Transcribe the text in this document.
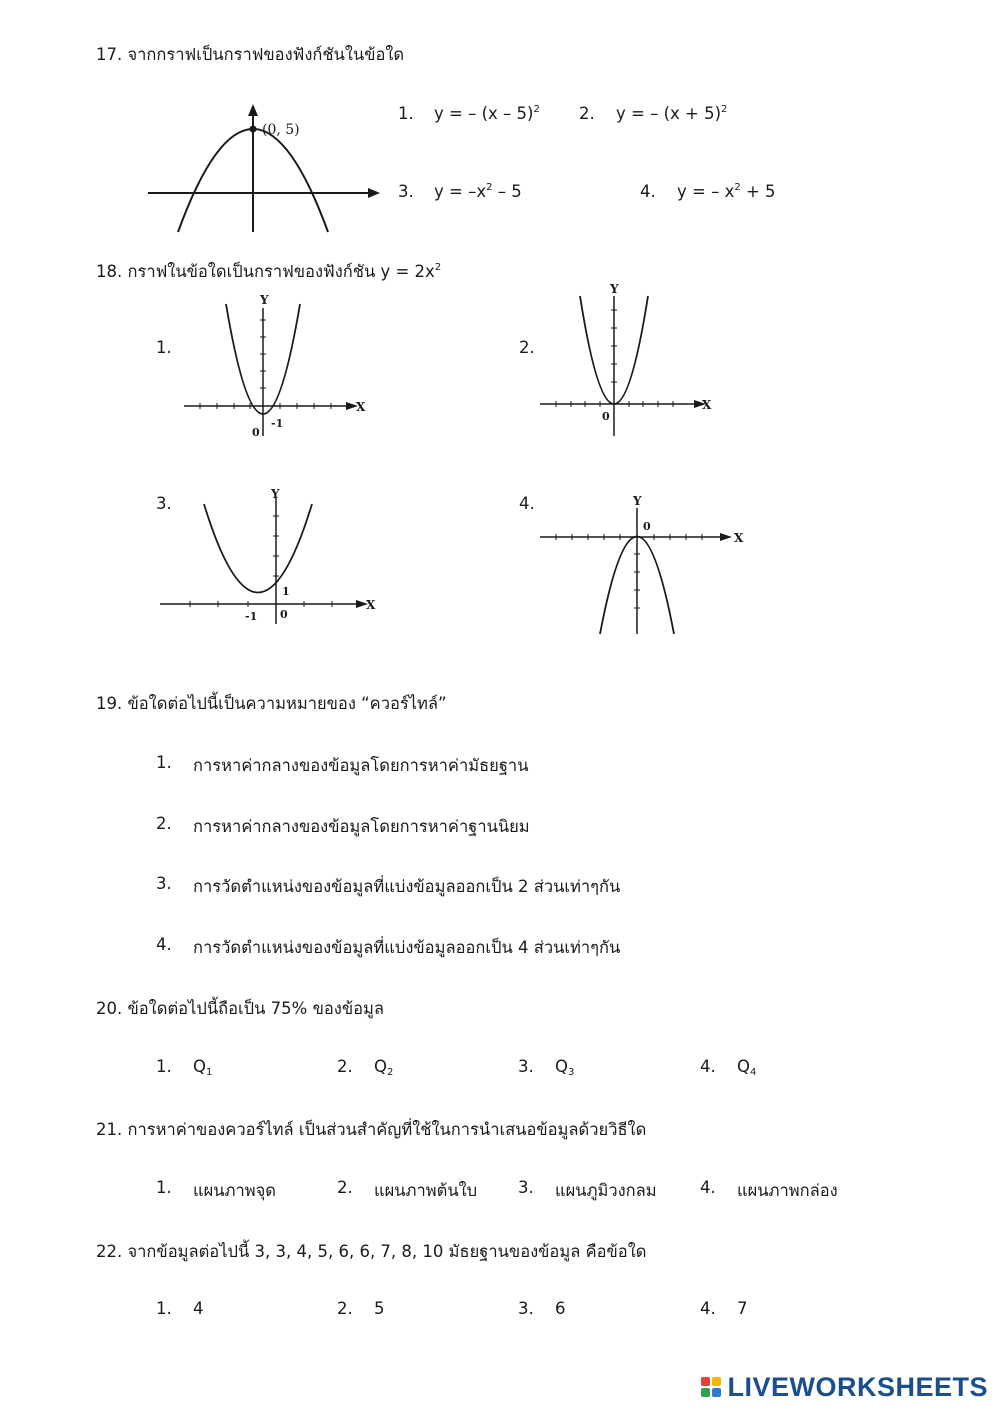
17. จากกราฟเป็นกราฟของฟังก์ชันในข้อใด
(0, 5)
1. y = – (x – 5)$^2$ 2. y = – $(x + 5)^2$
3. $y = -x^2 - 5$	4. y = – $x^2 + 5$
18. กราฟในข้อใดเป็นกราฟของฟังก์ชัน $y = 2x^2$
1.
Y
X
0
-1
2.
Y
X
0
3.	Y
X
1
-1 0
4.	Y
X
0
19. ข้อใดต่อไปนี้เป็นความหมายของ “ควอร์ไทล์”
1. การหาค่ากลางของข้อมูลโดยการหาค่ามัธยฐาน
2. การหาค่ากลางของข้อมูลโดยการหาค่าฐานนิยม
3. การวัดตำแหน่งของข้อมูลที่แบ่งข้อมูลออกเป็น 2 ส่วนเท่าๆกัน
4. การวัดตำแหน่งของข้อมูลที่แบ่งข้อมูลออกเป็น 4 ส่วนเท่าๆกัน
20. ข้อใดต่อไปนี้ถือเป็น 75% ของข้อมูล
1. $Q_1$	2. $Q_2$	3. $Q_3$	4. $Q_4$
21. การหาค่าของควอร์ไทล์ เป็นส่วนสำคัญที่ใช้ในการนำเสนอข้อมูลด้วยวิธีใด
1. แผนภาพจุด	2. แผนภาพต้นใบ 3. แผนภูมิวงกลม	4. แผนภาพกล่อง
22. จากข้อมูลต่อไปนี้ 3, 3, 4, 5, 6, 6, 7, 8, 10 มัธยฐานของข้อมูล คือข้อใด
1. 4	2. 5	3. 6	4. 7
LIVEWORKSHEETS
